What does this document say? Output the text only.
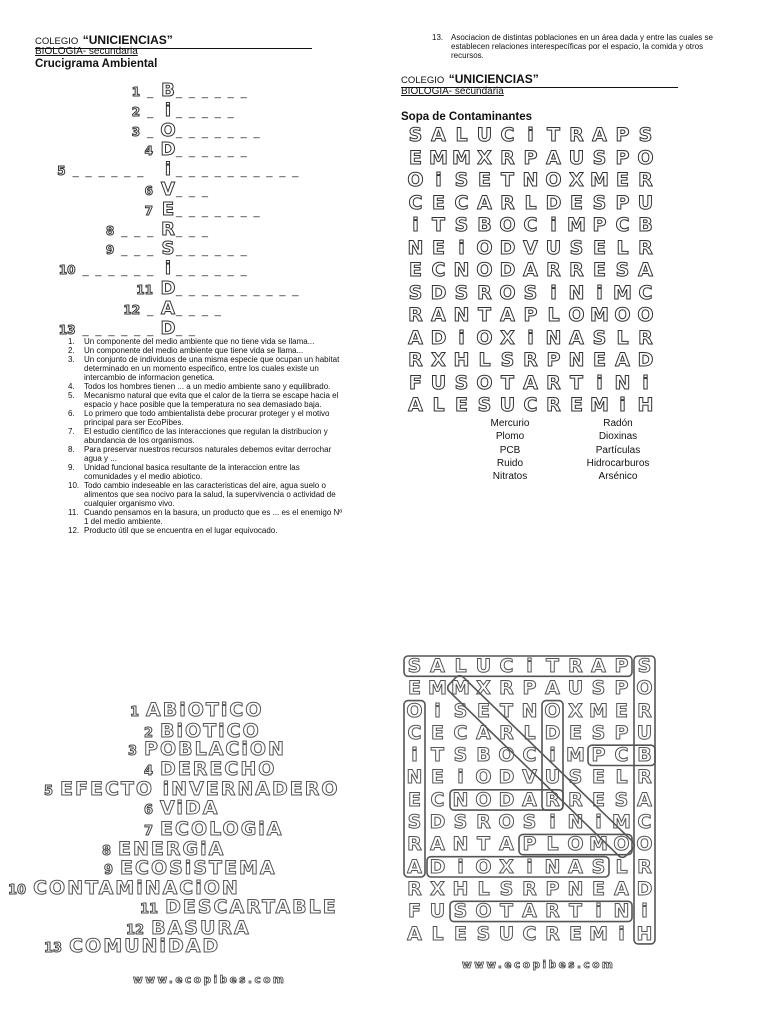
COLEGIO “UNICIENCIAS”
BIOLOGIA- secundaria
Crucigrama Ambiental
1 _ B ______
2 _ i _____
3 _ O _______
4 D ______
5 ______ i __________
6 V ___
7 E _______
8 ___ R ___
9 ___ S ______
10 ______ i ______
11 D __________
12 _ A ____
13 ______ D __
1.	Un componente del medio ambiente que no tiene vida se llama...
2.	Un componente del medio ambiente que tiene vida se llama...
3.	Un conjunto de individuos de una misma especie que ocupan un habitat determinado en un momento especifico, entre los cuales existe un intercambio de informacion genetica.
4.	Todos los hombres tienen ... a un medio ambiente sano y equilibrado.
5.	Mecanismo natural que evita que el calor de la tierra se escape hacia el espacio y hace posible que la temperatura no sea demasiado baja.
6.	Lo primero que todo ambientalista debe procurar proteger y el motivo principal para ser EcoPibes.
7.	El estudio científico de las interacciones que regulan la distribucion y abundancia de los organismos.
8.	Para preservar nuestros recursos naturales debemos evitar derrochar agua y ...
9.	Unidad funcional basica resultante de la interaccion entre las comunidades y el medio abiotico.
10. Todo cambio indeseable en las caracteristicas del aire, agua suelo o alimentos que sea nocivo para la salud, la supervivencia o actividad de cualquier organismo vivo.
11. Cuando pensamos en la basura, un producto que es ... es el enemigo Nº 1 del medio ambiente.
12. Producto útil que se encuentra en el lugar equivocado.
13. Asociacion de distintas poblaciones en un área dada y entre las cuales se establecen relaciones interespecíficas por el espacio, la comida y otros recursos.
COLEGIO “UNICIENCIAS”
BIOLOGIA- secundaria
Sopa de Contaminantes
S A L U C i T R A P S
E M M X R P A U S P O
O i S E T N O X M E R
C E C A R L D E S P U
i T S B O C i M P C B
N E i O D V U S E L R
E C N O D A R R E S A
S D S R O S i N i M C
R A N T A P L O M O O
A D i O X i N A S L R
R X H L S R P N E A D
F U S O T A R T i N i
A L E S U C R E M i H
Mercurio	Radón
Plomo	Dioxinas
PCB	Partículas
Ruido	Hidrocarburos
Nitratos	Arsénico
1 ABiOTiCO
2 BiOTiCO
3 POBLACiON
4 DERECHO
5 EFECTO iNVERNADERO
6 ViDA
7 ECOLOGiA
8 ENERGiA
9 ECOSiSTEMA
10 CONTAMiNACiON
11 DESCARTABLE
12 BASURA
13 COMUNiDAD
www.ecopibes.com
S A L U C i T R A P S
E M M X R P A U S P O
O i S E T N O X M E R
C E C A R L D E S P U
i T S B O C i M P C B
N E i O D V U S E L R
E C N O D A R R E S A
S D S R O S i N i M C
R A N T A P L O M O O
A D i O X i N A S L R
R X H L S R P N E A D
F U S O T A R T i N i
A L E S U C R E M i H
www.ecopibes.com
